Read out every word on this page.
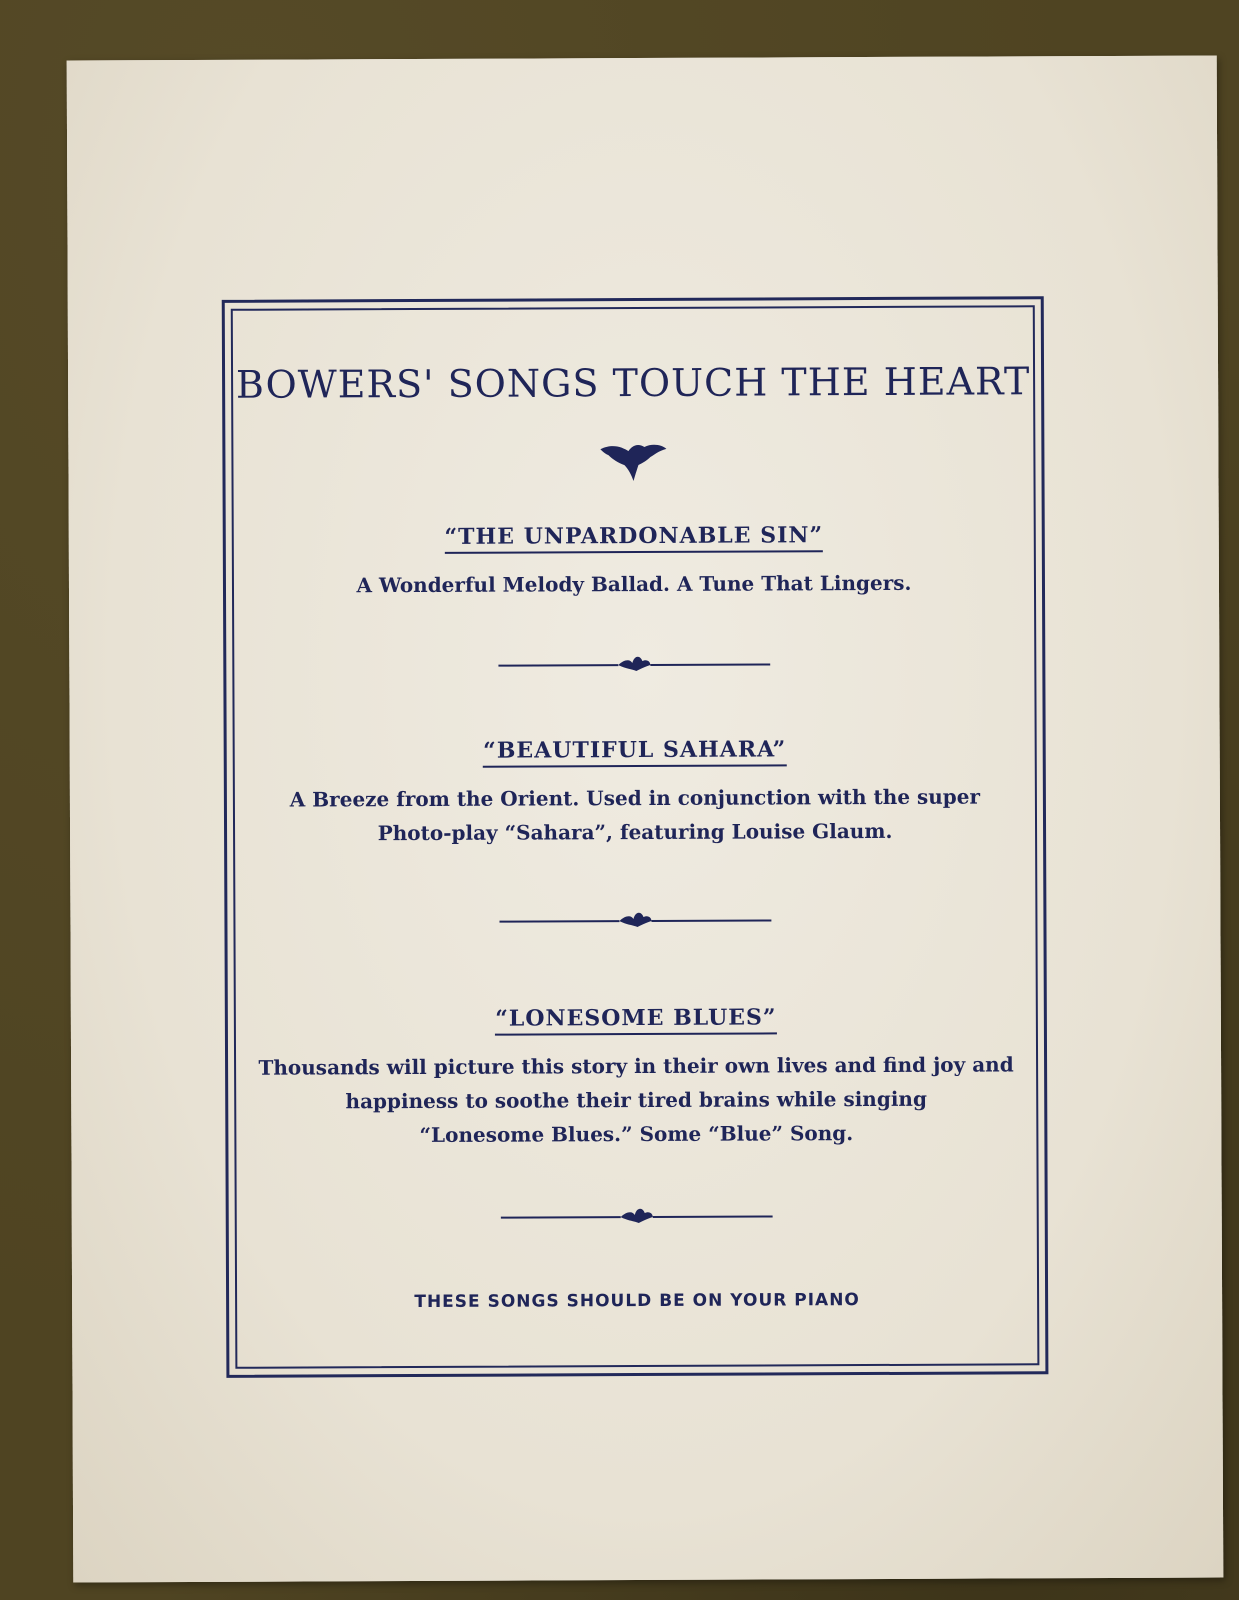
BOWERS' SONGS TOUCH THE HEART
“THE UNPARDONABLE SIN”
A Wonderful Melody Ballad. A Tune That Lingers.
“BEAUTIFUL SAHARA”
A Breeze from the Orient. Used in conjunction with the super
Photo-play “Sahara”, featuring Louise Glaum.
“LONESOME BLUES”
Thousands will picture this story in their own lives and find joy and
happiness to soothe their tired brains while singing
“Lonesome Blues.” Some “Blue” Song.
THESE SONGS SHOULD BE ON YOUR PIANO
